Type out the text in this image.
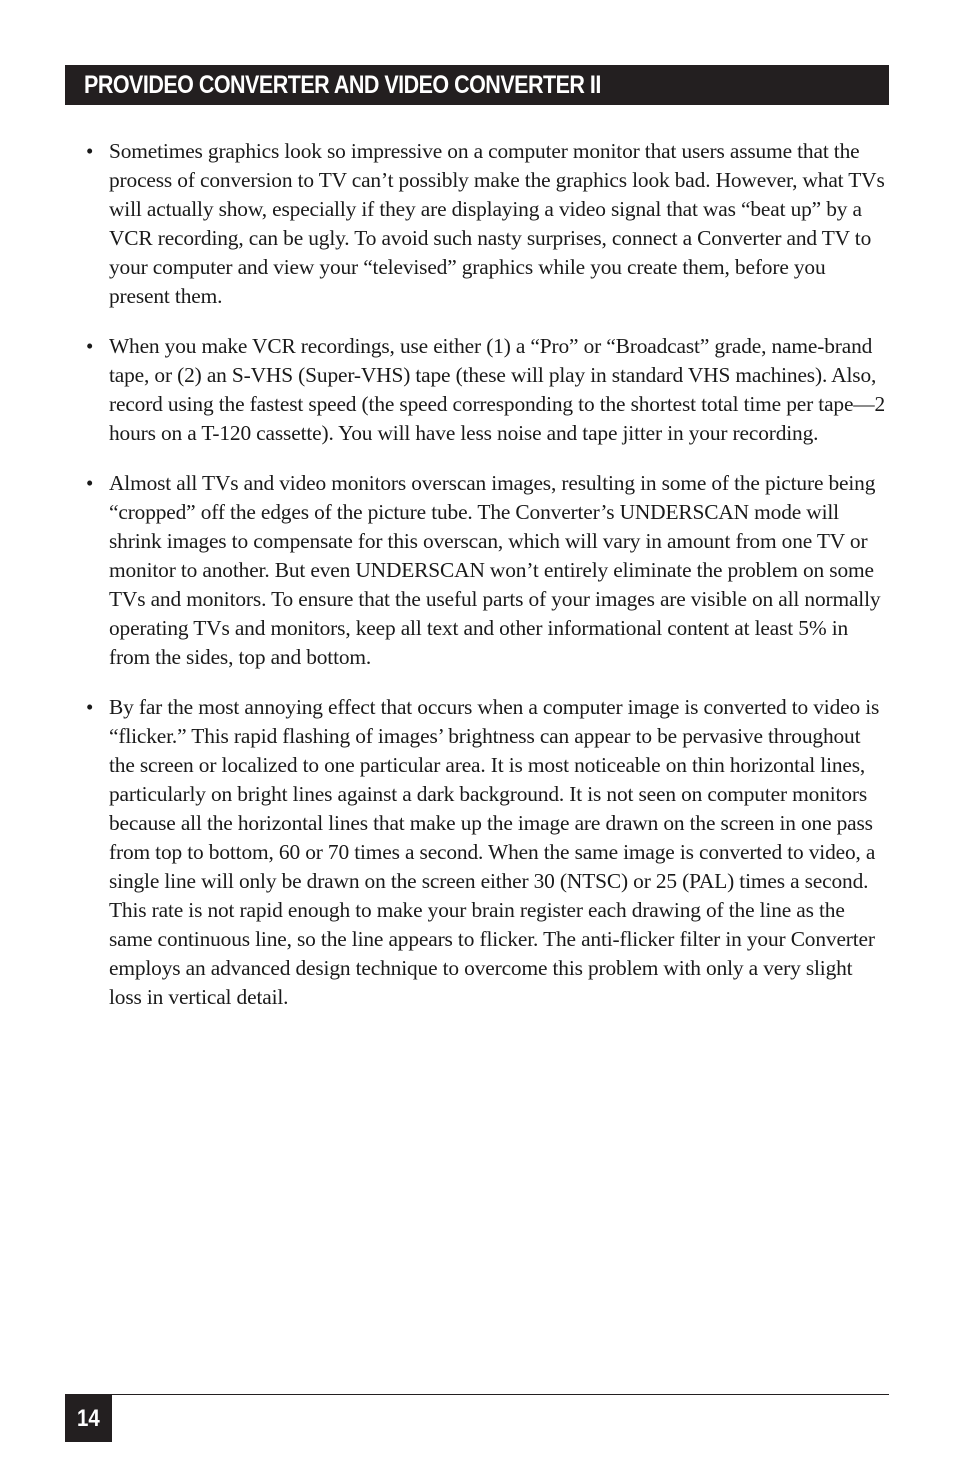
PROVIDEO CONVERTER AND VIDEO CONVERTER II
• Sometimes graphics look so impressive on a computer monitor that users assume that the process of conversion to TV can’t possibly make the graphics look bad. However, what TVs will actually show, especially if they are displaying a video signal that was “beat up” by a VCR recording, can be ugly. To avoid such nasty surprises, connect a Converter and TV to your computer and view your “televised” graphics while you create them, before you present them.
• When you make VCR recordings, use either (1) a “Pro” or “Broadcast” grade, name-brand tape, or (2) an S-VHS (Super-VHS) tape (these will play in standard VHS machines). Also, record using the fastest speed (the speed corresponding to the shortest total time per tape—2 hours on a T-120 cassette). You will have less noise and tape jitter in your recording.
• Almost all TVs and video monitors overscan images, resulting in some of the picture being “cropped” off the edges of the picture tube. The Converter’s UNDERSCAN mode will shrink images to compensate for this overscan, which will vary in amount from one TV or monitor to another. But even UNDERSCAN won’t entirely eliminate the problem on some TVs and monitors. To ensure that the useful parts of your images are visible on all normally operating TVs and monitors, keep all text and other informational content at least 5% in from the sides, top and bottom.
• By far the most annoying effect that occurs when a computer image is converted to video is “flicker.” This rapid flashing of images’ brightness can appear to be pervasive throughout the screen or localized to one particular area. It is most noticeable on thin horizontal lines, particularly on bright lines against a dark background. It is not seen on computer monitors because all the horizontal lines that make up the image are drawn on the screen in one pass from top to bottom, 60 or 70 times a second. When the same image is converted to video, a single line will only be drawn on the screen either 30 (NTSC) or 25 (PAL) times a second. This rate is not rapid enough to make your brain register each drawing of the line as the same continuous line, so the line appears to flicker. The anti-flicker filter in your Converter employs an advanced design technique to overcome this problem with only a very slight loss in vertical detail.
14
